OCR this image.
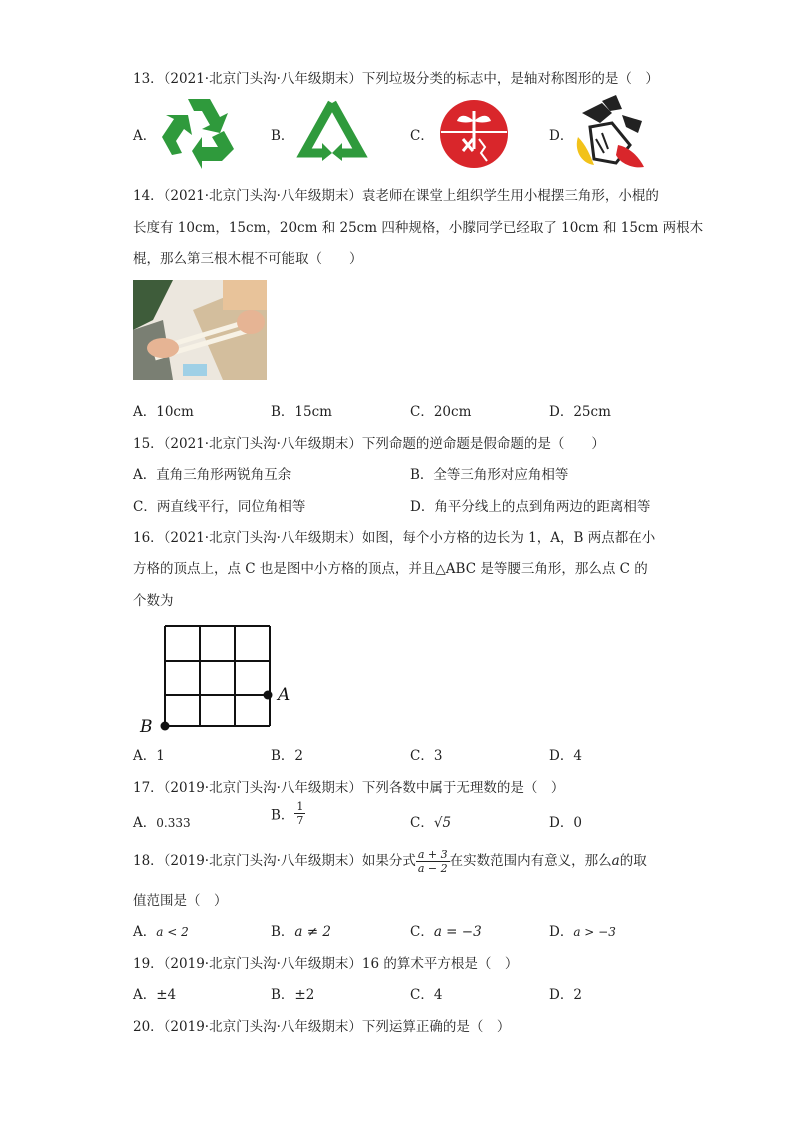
13．（2021·北京门头沟·八年级期末）下列垃圾分类的标志中，是轴对称图形的是（　）
A．	B．	C．	D．
14．（2021·北京门头沟·八年级期末）袁老师在课堂上组织学生用小棍摆三角形，小棍的
长度有 10cm，15cm，20cm 和 25cm 四种规格，小朦同学已经取了 10cm 和 15cm 两根木
棍，那么第三根木棍不可能取（　　）
A．10cm	B．15cm	C．20cm	D．25cm
15．（2021·北京门头沟·八年级期末）下列命题的逆命题是假命题的是（　　）
A．直角三角形两锐角互余	B．全等三角形对应角相等
C．两直线平行，同位角相等	D．角平分线上的点到角两边的距离相等
16．（2021·北京门头沟·八年级期末）如图，每个小方格的边长为 1，A，B 两点都在小
方格的顶点上，点 C 也是图中小方格的顶点，并且△ABC 是等腰三角形，那么点 C 的
个数为
A
B
A．1	B．2	C．3	D．4
17．（2019·北京门头沟·八年级期末）下列各数中属于无理数的是（　）
A．0.333	B． $\frac{1}{7}$	C．√5	D．0
18．（2019·北京门头沟·八年级期末）如果分式 $\frac{a + 3}{a - 2}$ 在实数范围内有意义，那么a的取
值范围是（　）
A．a < 2	B．a ≠ 2	C．a = −3	D．a > −3
19．（2019·北京门头沟·八年级期末）16 的算术平方根是（　）
A．±4	B．±2	C．4	D．2
20．（2019·北京门头沟·八年级期末）下列运算正确的是（　）
